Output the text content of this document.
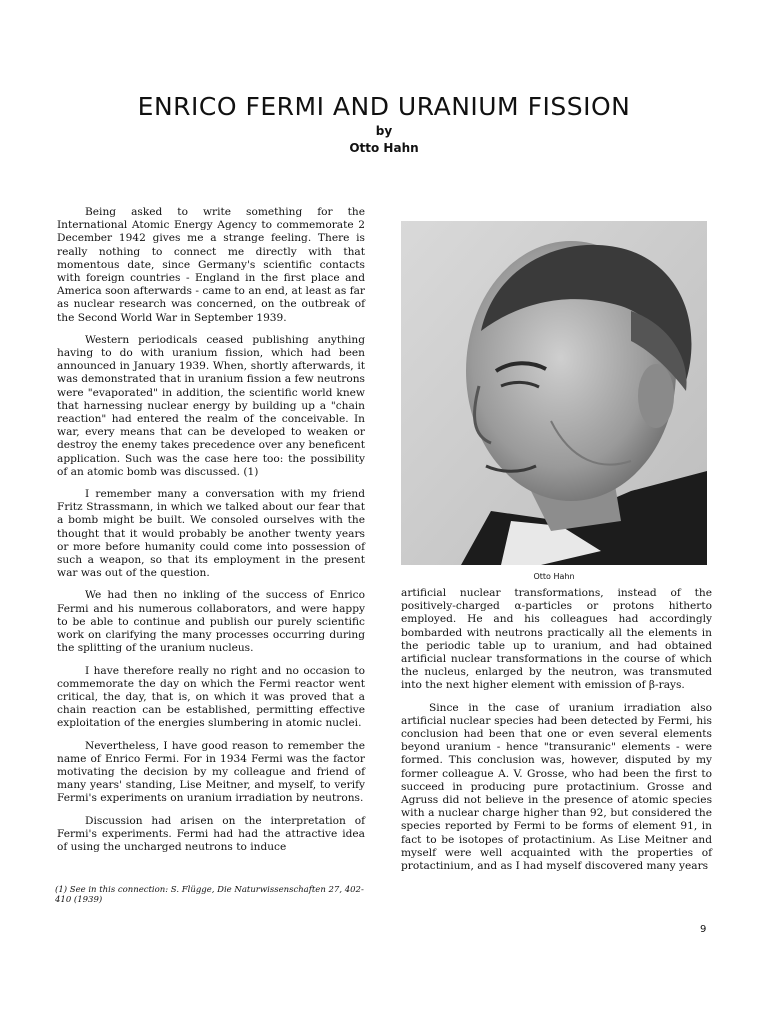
ENRICO FERMI AND URANIUM FISSION
by
Otto Hahn

Being asked to write something for the International Atomic Energy Agency to commemorate 2 December 1942 gives me a strange feeling. There is really nothing to connect me directly with that momentous date, since Germany's scientific contacts with foreign countries - England in the first place and America soon afterwards - came to an end, at least as far as nuclear research was concerned, on the outbreak of the Second World War in September 1939.

Western periodicals ceased publishing anything having to do with uranium fission, which had been announced in January 1939. When, shortly afterwards, it was demonstrated that in uranium fission a few neutrons were "evaporated" in addition, the scientific world knew that harnessing nuclear energy by building up a "chain reaction" had entered the realm of the conceivable. In war, every means that can be developed to weaken or destroy the enemy takes precedence over any beneficent application. Such was the case here too: the possibility of an atomic bomb was discussed. (1)

I remember many a conversation with my friend Fritz Strassmann, in which we talked about our fear that a bomb might be built. We consoled ourselves with the thought that it would probably be another twenty years or more before humanity could come into possession of such a weapon, so that its employment in the present war was out of the question.

We had then no inkling of the success of Enrico Fermi and his numerous collaborators, and were happy to be able to continue and publish our purely scientific work on clarifying the many processes occurring during the splitting of the uranium nucleus.

I have therefore really no right and no occasion to commemorate the day on which the Fermi reactor went critical, the day, that is, on which it was proved that a chain reaction can be established, permitting effective exploitation of the energies slumbering in atomic nuclei.

Nevertheless, I have good reason to remember the name of Enrico Fermi. For in 1934 Fermi was the factor motivating the decision by my colleague and friend of many years' standing, Lise Meitner, and myself, to verify Fermi's experiments on uranium irradiation by neutrons.

Discussion had arisen on the interpretation of Fermi's experiments. Fermi had had the attractive idea of using the uncharged neutrons to induce

(1) See in this connection: S. Flügge, Die Naturwissenschaften 27, 402-410 (1939)
Otto Hahn

artificial nuclear transformations, instead of the positively-charged α-particles or protons hitherto employed. He and his colleagues had accordingly bombarded with neutrons practically all the elements in the periodic table up to uranium, and had obtained artificial nuclear transformations in the course of which the nucleus, enlarged by the neutron, was transmuted into the next higher element with emission of β-rays.

Since in the case of uranium irradiation also artificial nuclear species had been detected by Fermi, his conclusion had been that one or even several elements beyond uranium - hence "transuranic" elements - were formed. This conclusion was, however, disputed by my former colleague A. V. Grosse, who had been the first to succeed in producing pure protactinium. Grosse and Agruss did not believe in the presence of atomic species with a nuclear charge higher than 92, but considered the species reported by Fermi to be forms of element 91, in fact to be isotopes of protactinium. As Lise Meitner and myself were well acquainted with the properties of protactinium, and as I had myself discovered many years

9
